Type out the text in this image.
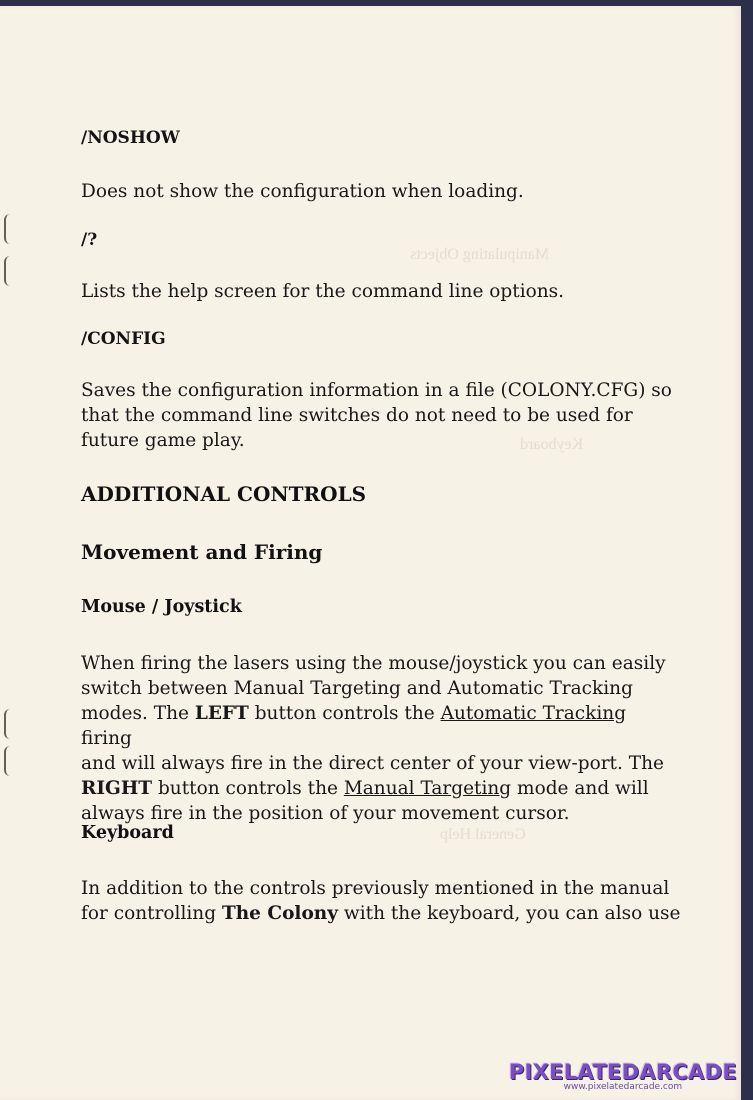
Manipulating Objects
Keyboard
General Help
/NOSHOW

Does not show the configuration when loading.

/?

Lists the help screen for the command line options.

/CONFIG

Saves the configuration information in a file (COLONY.CFG) so
that the command line switches do not need to be used for
future game play.

ADDITIONAL CONTROLS
Movement and Firing
Mouse / Joystick

When firing the lasers using the mouse/joystick you can easily
switch between Manual Targeting and Automatic Tracking
modes. The LEFT button controls the Automatic Tracking firing
and will always fire in the direct center of your view-port. The
RIGHT button controls the Manual Targeting mode and will
always fire in the position of your movement cursor.

Keyboard

In addition to the controls previously mentioned in the manual
for controlling The Colony with the keyboard, you can also use

PIXELATEDARCADE
www.pixelatedarcade.com
